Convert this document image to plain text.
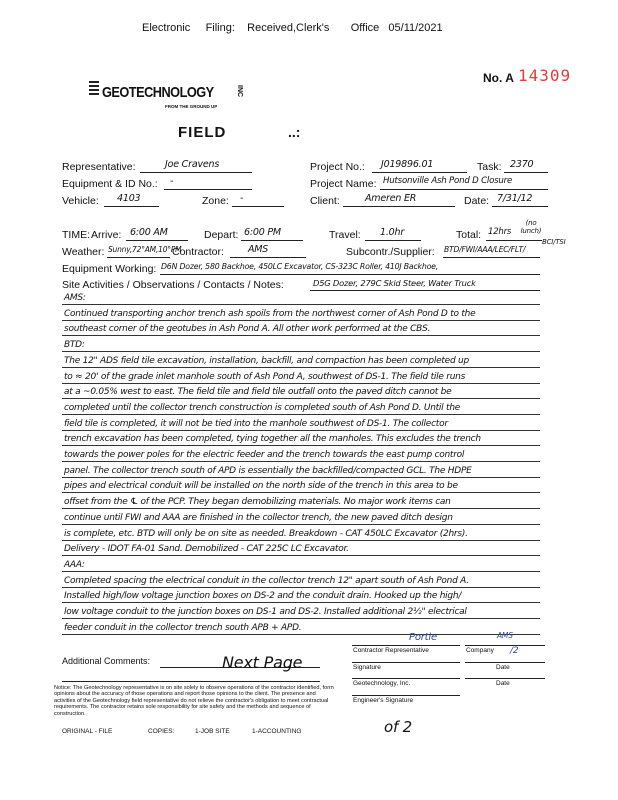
Electronic     Filing:    Received,Clerk's       Office   05/11/2021
No. A 14309
GEOTECHNOLOGY	INC
FROM THE GROUND UP
FIELD	..:
Representative:	Joe Cravens	Project No.: J019896.01	Task: 2370
Equipment & ID No.: -	Project Name: Hutsonville Ash Pond D Closure
Vehicle: 4103	Zone: -	Client:	Ameren ER	Date: 7/31/12
TIME: Arrive: 6:00 AM	Depart: 6:00 PM	Travel: 1.0hr	Total: 12hrs
(no lunch)
Weather: Sunny,72°AM,10°PM
Contractor:	AMS	Subcontr./Supplier: BTD/FWI/AAA/LEC/FLT/
BCI/TSI
Equipment Working: D6N Dozer, 580 Backhoe, 450LC Excavator, CS-323C Roller, 410J Backhoe,
Site Activities / Observations / Contacts / Notes:	D5G Dozer, 279C Skid Steer, Water Truck
AMS:
Continued transporting anchor trench ash spoils from the northwest corner of Ash Pond D to the
southeast corner of the geotubes in Ash Pond A. All other work performed at the CBS.
BTD:
The 12" ADS field tile excavation, installation, backfill, and compaction has been completed up
to ≈ 20' of the grade inlet manhole south of Ash Pond A, southwest of DS-1. The field tile runs
at a ~0.05% west to east. The field tile and field tile outfall onto the paved ditch cannot be
completed until the collector trench construction is completed south of Ash Pond D. Until the
field tile is completed, it will not be tied into the manhole southwest of DS-1. The collector
trench excavation has been completed, tying together all the manholes. This excludes the trench
towards the power poles for the electric feeder and the trench towards the east pump control
panel. The collector trench south of APD is essentially the backfilled/compacted GCL. The HDPE
pipes and electrical conduit will be installed on the north side of the trench in this area to be
offset from the ℄ of the PCP. They began demobilizing materials. No major work items can
continue until FWI and AAA are finished in the collector trench, the new paved ditch design
is complete, etc. BTD will only be on site as needed. Breakdown - CAT 450LC Excavator (2hrs).
Delivery - IDOT FA-01 Sand. Demobilized - CAT 225C LC Excavator.
AAA:
Completed spacing the electrical conduit in the collector trench 12" apart south of Ash Pond A.
Installed high/low voltage junction boxes on DS-2 and the conduit drain. Hooked up the high/
low voltage conduit to the junction boxes on DS-1 and DS-2. Installed additional 2½" electrical
feeder conduit in the collector trench south APB + APD.
Additional Comments:	Next Page
Portie	AMS
/2
Contractor Representative	Company
Signature	Date
Geotechnology, Inc.	Date
Engineer's Signature
Notice: The Geotechnology representative is on site solely to observe operations of the contractor identified, form opinions about the accuracy of those operations and report those opinions to the client. The presence and activities of the Geotechnology field representative do not relieve the contractor's obligation to meet contractual requirements. The contractor retains sole responsibility for site safety and the methods and sequence of construction.
ORIGINAL - FILE	COPIES:	1-JOB SITE	1-ACCOUNTING	of 2
